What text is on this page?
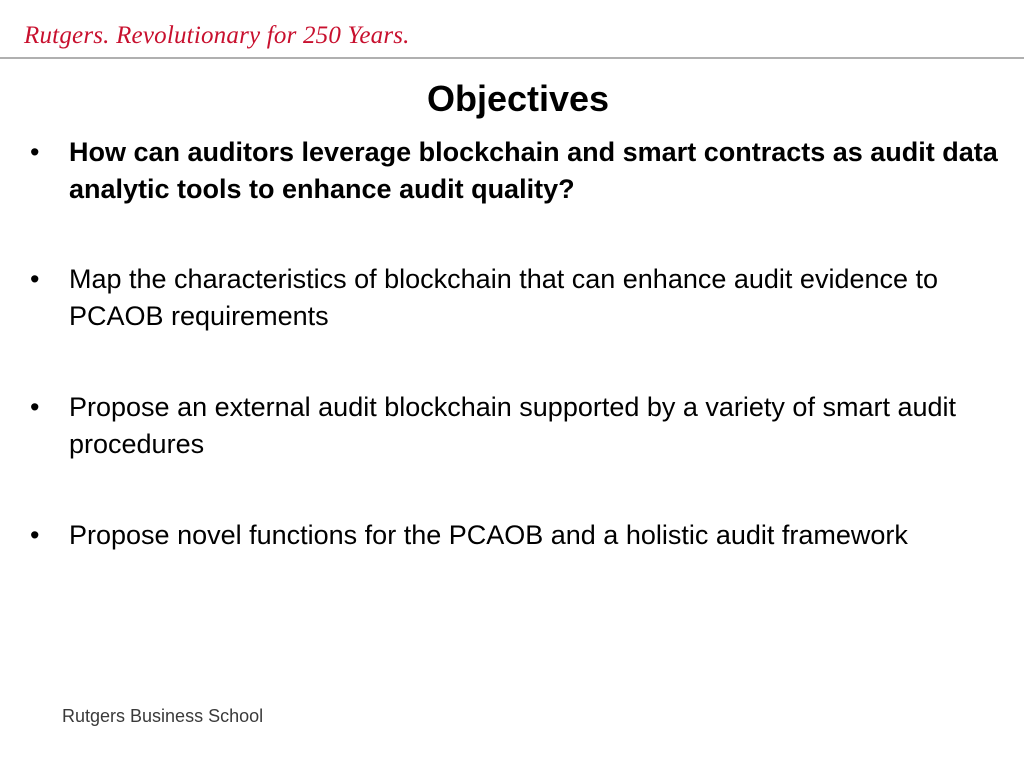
Rutgers. Revolutionary for 250 Years.
Objectives
•	How can auditors leverage blockchain and smart contracts as audit data analytic tools to enhance audit quality?
•	Map the characteristics of blockchain that can enhance audit evidence to PCAOB requirements
•	Propose an external audit blockchain supported by a variety of smart audit procedures
•	Propose novel functions for the PCAOB and a holistic audit framework
Rutgers Business School
